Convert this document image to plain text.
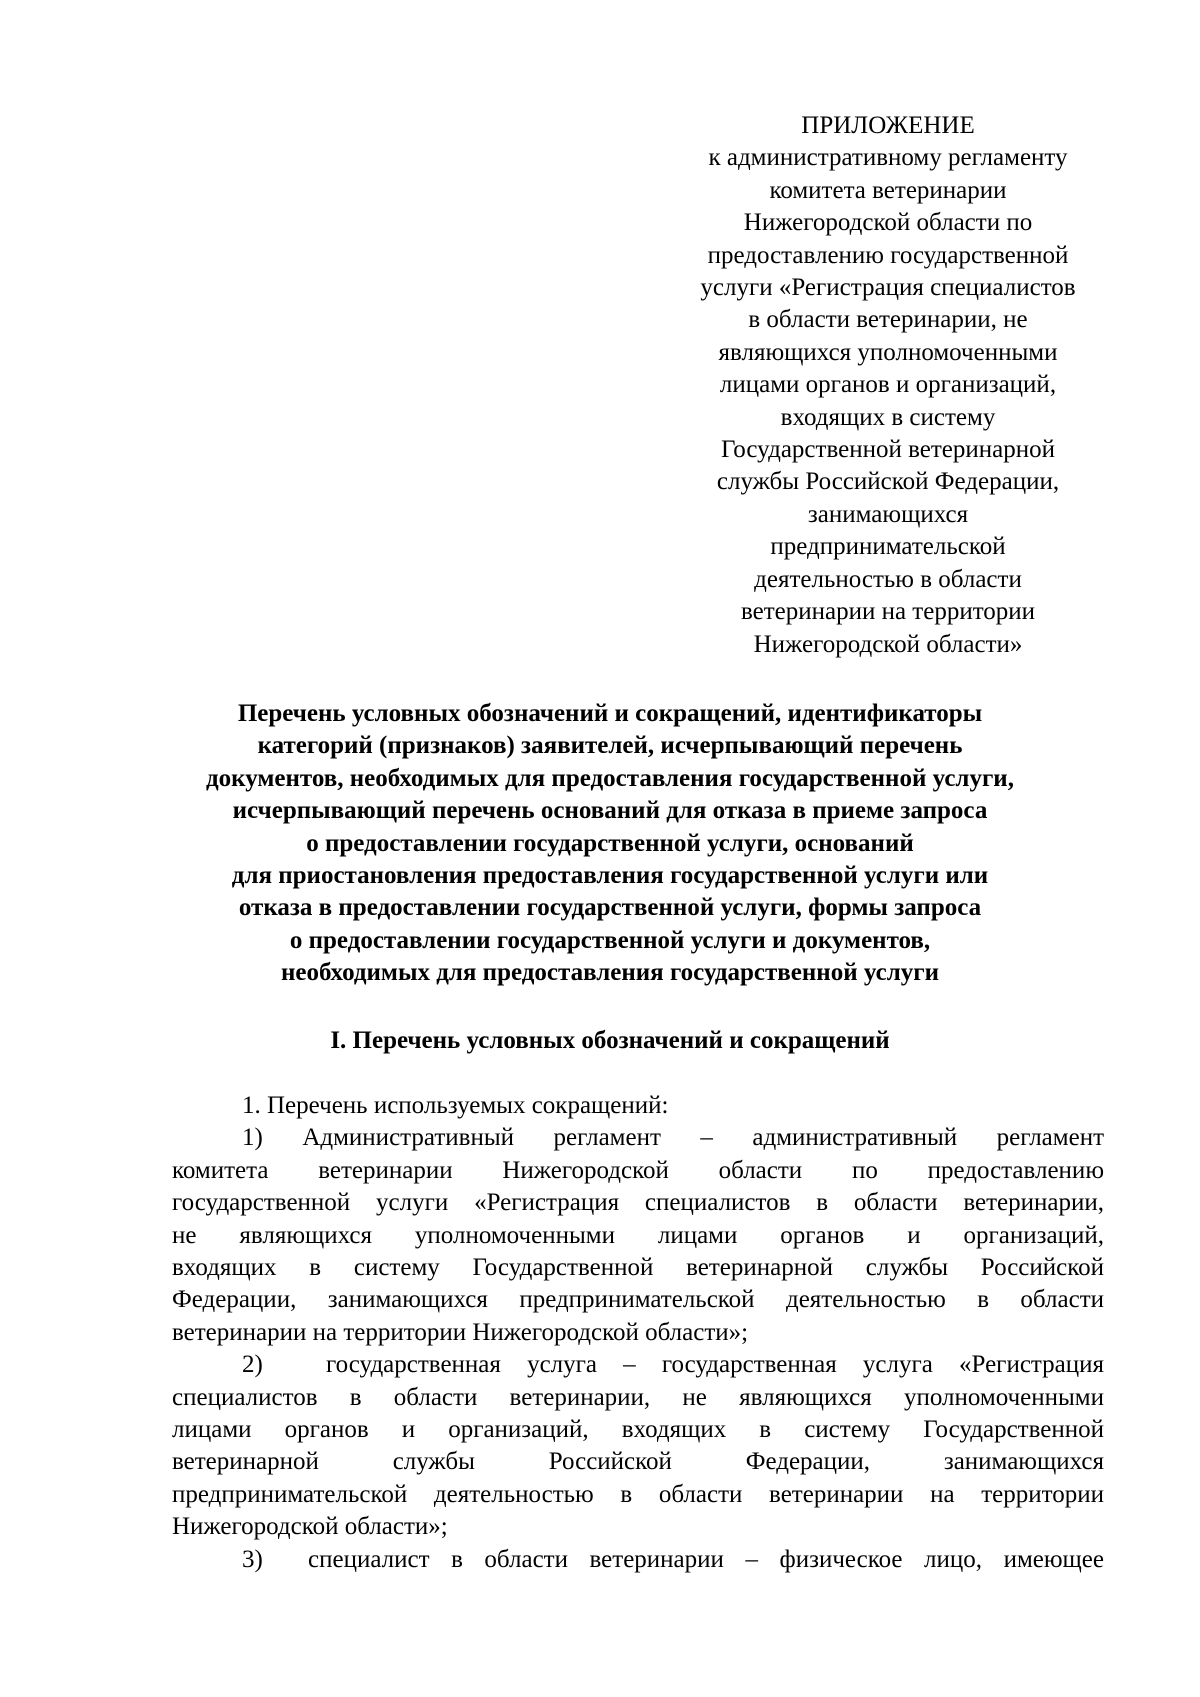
ПРИЛОЖЕНИЕ
к административному регламенту
комитета ветеринарии
Нижегородской области по
предоставлению государственной
услуги «Регистрация специалистов
в области ветеринарии, не
являющихся уполномоченными
лицами органов и организаций,
входящих в систему
Государственной ветеринарной
службы Российской Федерации,
занимающихся
предпринимательской
деятельностью в области
ветеринарии на территории
Нижегородской области»
Перечень условных обозначений и сокращений, идентификаторы
категорий (признаков) заявителей, исчерпывающий перечень
документов, необходимых для предоставления государственной услуги,
исчерпывающий перечень оснований для отказа в приеме запроса
о предоставлении государственной услуги, оснований
для приостановления предоставления государственной услуги или
отказа в предоставлении государственной услуги, формы запроса
о предоставлении государственной услуги и документов,
необходимых для предоставления государственной услуги
I. Перечень условных обозначений и сокращений
1. Перечень используемых сокращений:
1) Административный регламент – административный регламент
комитета ветеринарии Нижегородской области по предоставлению
государственной услуги «Регистрация специалистов в области ветеринарии,
не являющихся уполномоченными лицами органов и организаций,
входящих в систему Государственной ветеринарной службы Российской
Федерации, занимающихся предпринимательской деятельностью в области
ветеринарии на территории Нижегородской области»;
2)	государственная услуга – государственная услуга «Регистрация
специалистов в области ветеринарии, не являющихся уполномоченными
лицами органов и организаций, входящих в систему Государственной
ветеринарной службы Российской Федерации, занимающихся
предпринимательской деятельностью в области ветеринарии на территории
Нижегородской области»;
3) специалист в области ветеринарии – физическое лицо, имеющее
